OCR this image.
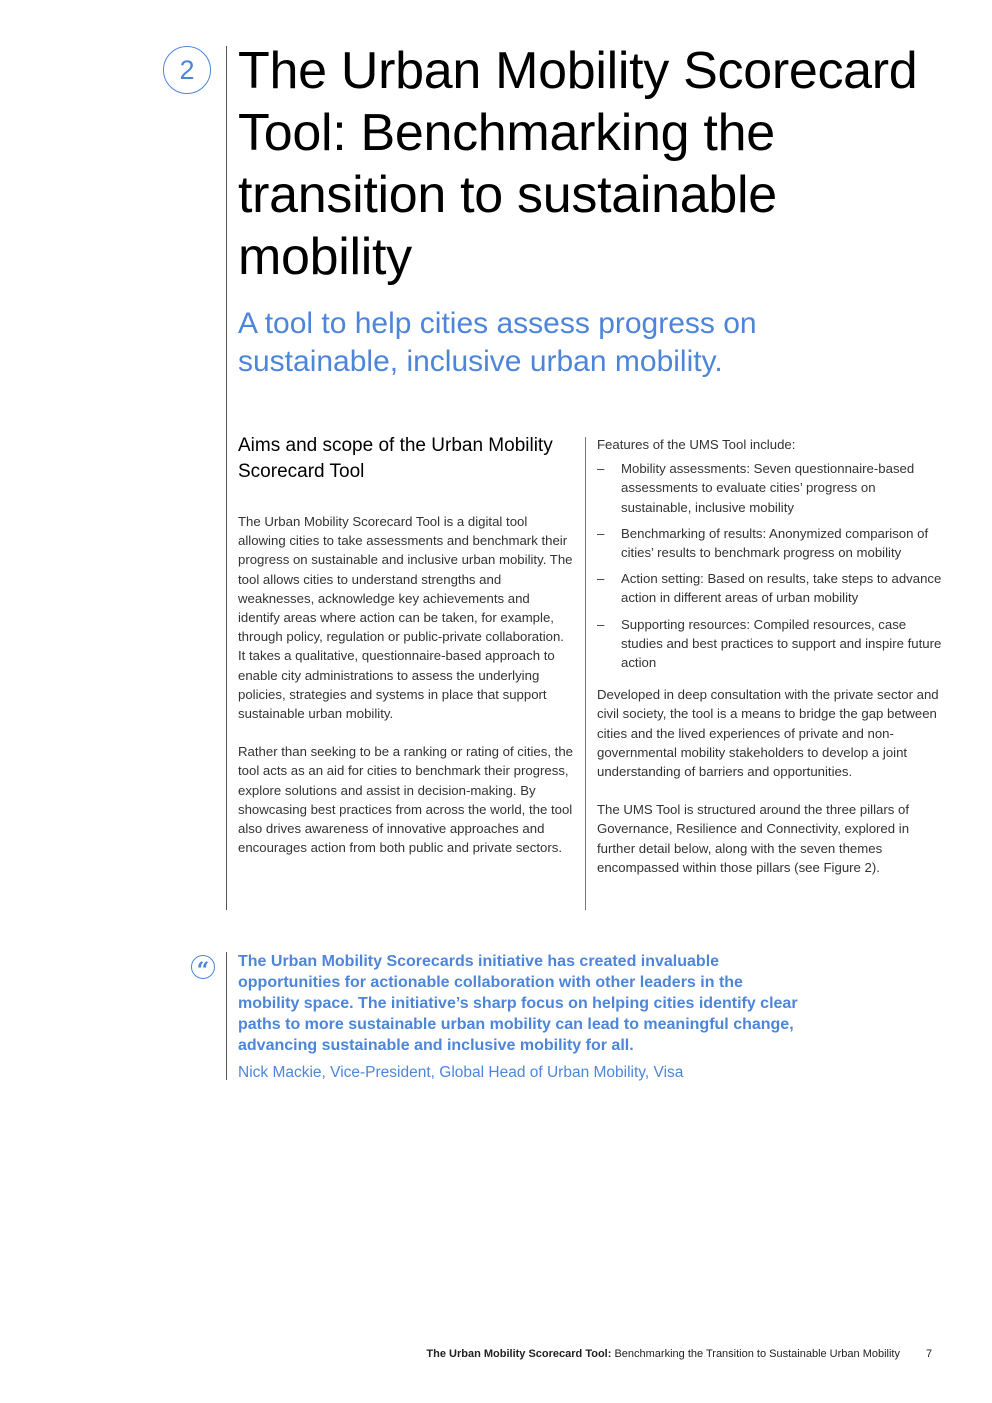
2 The Urban Mobility Scorecard Tool: Benchmarking the transition to sustainable mobility
A tool to help cities assess progress on sustainable, inclusive urban mobility.
Aims and scope of the Urban Mobility Scorecard Tool

The Urban Mobility Scorecard Tool is a digital tool allowing cities to take assessments and benchmark their progress on sustainable and inclusive urban mobility. The tool allows cities to understand strengths and weaknesses, acknowledge key achievements and identify areas where action can be taken, for example, through policy, regulation or public-private collaboration. It takes a qualitative, questionnaire-based approach to enable city administrations to assess the underlying policies, strategies and systems in place that support sustainable urban mobility.

Rather than seeking to be a ranking or rating of cities, the tool acts as an aid for cities to benchmark their progress, explore solutions and assist in decision-making. By showcasing best practices from across the world, the tool also drives awareness of innovative approaches and encourages action from both public and private sectors.

Features of the UMS Tool include:

– Mobility assessments: Seven questionnaire-based assessments to evaluate cities’ progress on sustainable, inclusive mobility
– Benchmarking of results: Anonymized comparison of cities’ results to benchmark progress on mobility
– Action setting: Based on results, take steps to advance action in different areas of urban mobility
– Supporting resources: Compiled resources, case studies and best practices to support and inspire future action

Developed in deep consultation with the private sector and civil society, the tool is a means to bridge the gap between cities and the lived experiences of private and non-governmental mobility stakeholders to develop a joint understanding of barriers and opportunities.

The UMS Tool is structured around the three pillars of Governance, Resilience and Connectivity, explored in further detail below, along with the seven themes encompassed within those pillars (see Figure 2).

“	The Urban Mobility Scorecards initiative has created invaluable opportunities for actionable collaboration with other leaders in the mobility space. The initiative’s sharp focus on helping cities identify clear paths to more sustainable urban mobility can lead to meaningful change, advancing sustainable and inclusive mobility for all.

Nick Mackie, Vice-President, Global Head of Urban Mobility, Visa

The Urban Mobility Scorecard Tool: Benchmarking the Transition to Sustainable Urban Mobility 7
